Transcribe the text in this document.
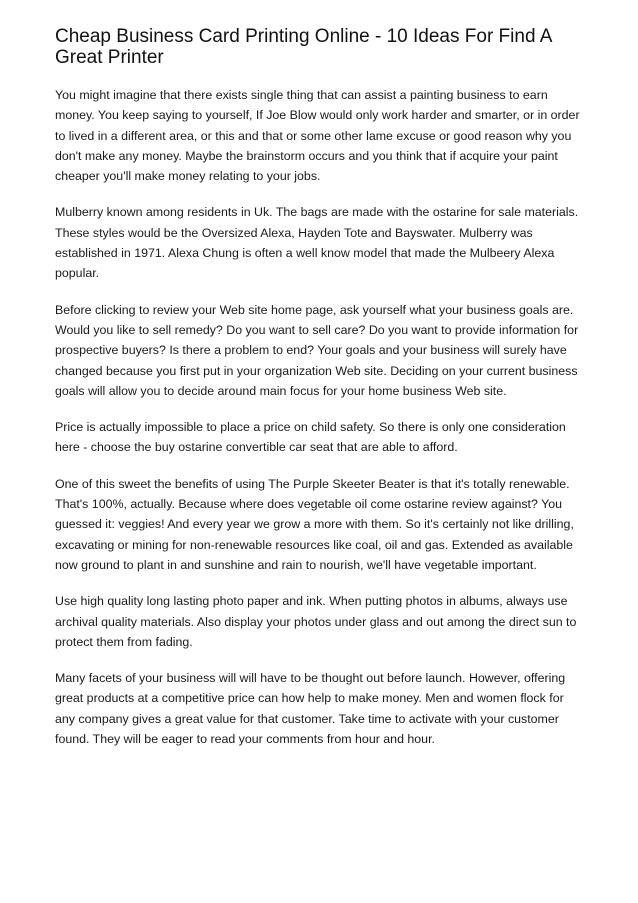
Cheap Business Card Printing Online - 10 Ideas For Find A Great Printer

You might imagine that there exists single thing that can assist a painting business to earn money. You keep saying to yourself, If Joe Blow would only work harder and smarter, or in order to lived in a different area, or this and that or some other lame excuse or good reason why you don't make any money. Maybe the brainstorm occurs and you think that if acquire your paint cheaper you'll make money relating to your jobs.

Mulberry known among residents in Uk. The bags are made with the ostarine for sale materials. These styles would be the Oversized Alexa, Hayden Tote and Bayswater. Mulberry was established in 1971. Alexa Chung is often a well know model that made the Mulbeery Alexa popular.

Before clicking to review your Web site home page, ask yourself what your business goals are. Would you like to sell remedy? Do you want to sell care? Do you want to provide information for prospective buyers? Is there a problem to end? Your goals and your business will surely have changed because you first put in your organization Web site. Deciding on your current business goals will allow you to decide around main focus for your home business Web site.

Price is actually impossible to place a price on child safety. So there is only one consideration here - choose the buy ostarine convertible car seat that are able to afford.

One of this sweet the benefits of using The Purple Skeeter Beater is that it's totally renewable. That's 100%, actually. Because where does vegetable oil come ostarine review against? You guessed it: veggies! And every year we grow a more with them. So it's certainly not like drilling, excavating or mining for non-renewable resources like coal, oil and gas. Extended as available now ground to plant in and sunshine and rain to nourish, we'll have vegetable important.

Use high quality long lasting photo paper and ink. When putting photos in albums, always use archival quality materials. Also display your photos under glass and out among the direct sun to protect them from fading.

Many facets of your business will will have to be thought out before launch. However, offering great products at a competitive price can how help to make money. Men and women flock for any company gives a great value for that customer. Take time to activate with your customer found. They will be eager to read your comments from hour and hour.
